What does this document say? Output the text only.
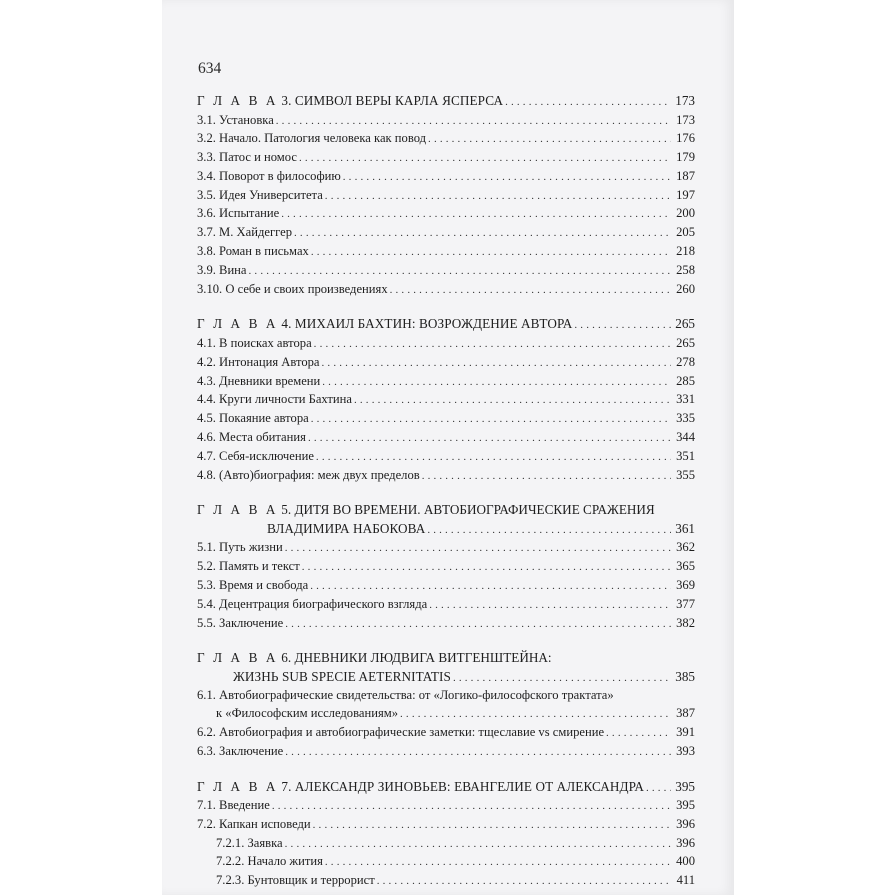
634
Г Л А В А 3. СИМВОЛ ВЕРЫ КАРЛА ЯСПЕРСА . . .	173
3.1. Установка . . .	173
3.2. Начало. Патология человека как повод . . .	176
3.3. Патос и номос . . .	179
3.4. Поворот в философию . . .	187
3.5. Идея Университета . . .	197
3.6. Испытание . . .	200
3.7. М. Хайдеггер . . .	205
3.8. Роман в письмах . . .	218
3.9. Вина . . .	258
3.10. О себе и своих произведениях . . .	260
Г Л А В А 4. МИХАИЛ БАХТИН: ВОЗРОЖДЕНИЕ АВТОРА . . .	265
4.1. В поисках автора . . .	265
4.2. Интонация Автора . . .	278
4.3. Дневники времени . . .	285
4.4. Круги личности Бахтина . . .	331
4.5. Покаяние автора . . .	335
4.6. Места обитания . . .	344
4.7. Себя-исключение . . .	351
4.8. (Авто)биография: меж двух пределов . . .	355
Г Л А В А 5. ДИТЯ ВО ВРЕМЕНИ. АВТОБИОГРАФИЧЕСКИЕ СРАЖЕНИЯ
ВЛАДИМИРА НАБОКОВА . . .	361
5.1. Путь жизни . . .	362
5.2. Память и текст . . .	365
5.3. Время и свобода . . .	369
5.4. Децентрация биографического взгляда . . .	377
5.5. Заключение . . .	382
Г Л А В А 6. ДНЕВНИКИ ЛЮДВИГА ВИТГЕНШТЕЙНА:
ЖИЗНЬ SUB SPECIE AETERNITATIS . . .	385
6.1. Автобиографические свидетельства: от «Логико-философского трактата»
к «Философским исследованиям» . . .	387
6.2. Автобиография и автобиографические заметки: тщеславие vs смирение . . .	391
6.3. Заключение . . .	393
Г Л А В А 7. АЛЕКСАНДР ЗИНОВЬЕВ: ЕВАНГЕЛИЕ ОТ АЛЕКСАНДРА . . . 395
7.1. Введение . . .	395
7.2. Капкан исповеди . . .	396
7.2.1. Заявка . . .	396
7.2.2. Начало жития . . .	400
7.2.3. Бунтовщик и террорист . . .	411
